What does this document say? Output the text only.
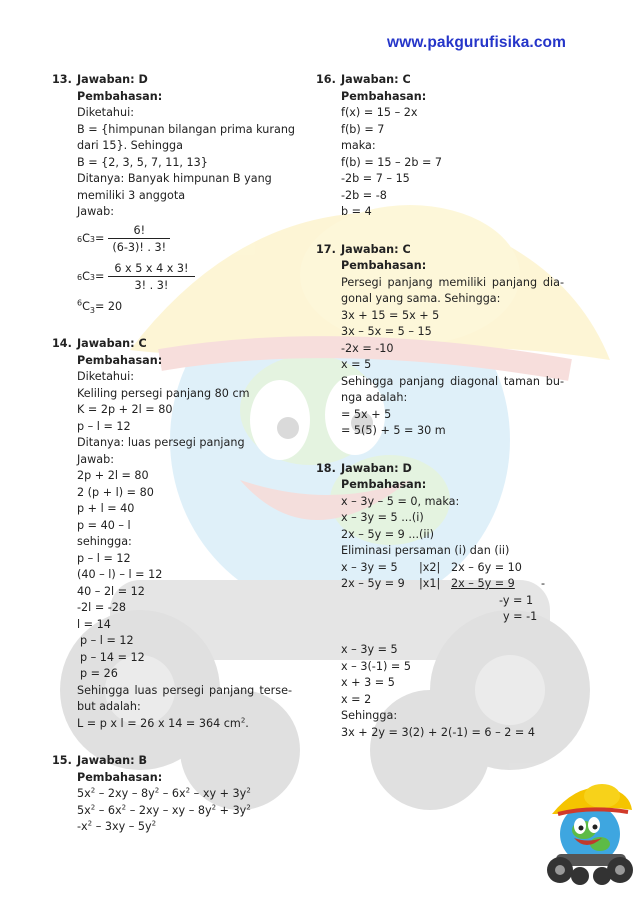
www.pakgurufisika.com
13. Jawaban: D
Pembahasan:
Diketahui:
B = {himpunan bilangan prima kurang
dari 15}. Sehingga
B = {2, 3, 5, 7, 11, 13}
Ditanya: Banyak himpunan B yang
memiliki 3 anggota
Jawab:
6 C $3 = \frac{6!}{(6-3)! . 3!}$
6 C $3 = \frac{6 x 5 x 4 x 3!}{3! . 3!}$
$^6C_3= 20$
14. Jawaban: C
Pembahasan:
Diketahui:
Keliling persegi panjang 80 cm
K = 2p + 2l = 80
p – l = 12
Ditanya: luas persegi panjang
Jawab:
2p + 2l = 80
2 (p + l) = 80
p + l = 40
p = 40 – l
sehingga:
p – l = 12
(40 – l) – l = 12
40 – 2l = 12
-2l = -28
l = 14
p – l = 12
p – 14 = 12
p = 26
Sehingga luas persegi panjang terse-
but adalah:
L = p x l = 26 x 14 = 364 $cm^2$.
15. Jawaban: B
Pembahasan:
$5x^2 - 2xy - 8y^2 - 6x^2$ – xy + $3y^2$
$5x^2 - 6x^2 - 2xy$ – xy – $8y^2 + 3y^2$
$-x^2 - 3xy - 5y^2$
16. Jawaban: C
Pembahasan:
f(x) = 15 – 2x
f(b) = 7
maka:
f(b) = 15 – 2b = 7
-2b = 7 – 15
-2b = -8
b = 4
17. Jawaban: C
Pembahasan:
Persegi panjang memiliki panjang dia-
gonal yang sama. Sehingga:
3x + 15 = 5x + 5
3x – 5x = 5 – 15
-2x = -10
x = 5
Sehingga panjang diagonal taman bu-
nga adalah:
= 5x + 5
= 5(5) + 5 = 30 m
18. Jawaban: D
Pembahasan:
x – 3y – 5 = 0, maka:
x – 3y = 5 ...(i)
2x – 5y = 9 ...(ii)
Eliminasi persaman (i) dan (ii)
x – 3y = 5 |x2| 2x – 6y = 10
2x – 5y = 9 |x1| 2x – 5y = 9 -
-y = 1
y = -1
x – 3y = 5
x – 3(-1) = 5
x + 3 = 5
x = 2
Sehingga:
3x + 2y = 3(2) + 2(-1) = 6 – 2 = 4
